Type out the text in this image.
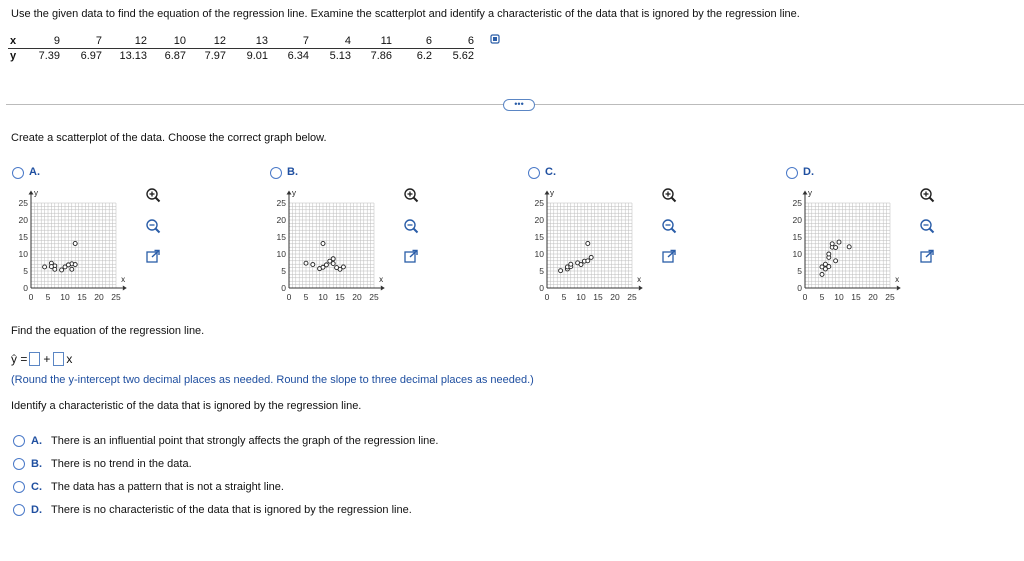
Use the given data to find the equation of the regression line. Examine the scatterplot and identify a characteristic of the data that is ignored by the regression line.
x	9	7	12	10	12	13	7	4	11	6	6
y	7.39	6.97	13.13	6.87	7.97	9.01	6.34	5.13	7.86	6.2	5.62
•••
Create a scatterplot of the data. Choose the correct graph below.
A.
y
x
25
20
15
10
5
0
0 5 10 15 20 25
B.
y
x
25
20
15
10
5
0
0 5 10 15 20 25
C.
y
x
25
20
15
10
5
0
0 5 10 15 20 25
D.
y
x
25
20
15
10
5
0
0 5 10 15 20 25
Find the equation of the regression line.
ŷ = + x
(Round the y-intercept two decimal places as needed. Round the slope to three decimal places as needed.)
Identify a characteristic of the data that is ignored by the regression line.
A. There is an influential point that strongly affects the graph of the regression line.
B. There is no trend in the data.
C. The data has a pattern that is not a straight line.
D. There is no characteristic of the data that is ignored by the regression line.
